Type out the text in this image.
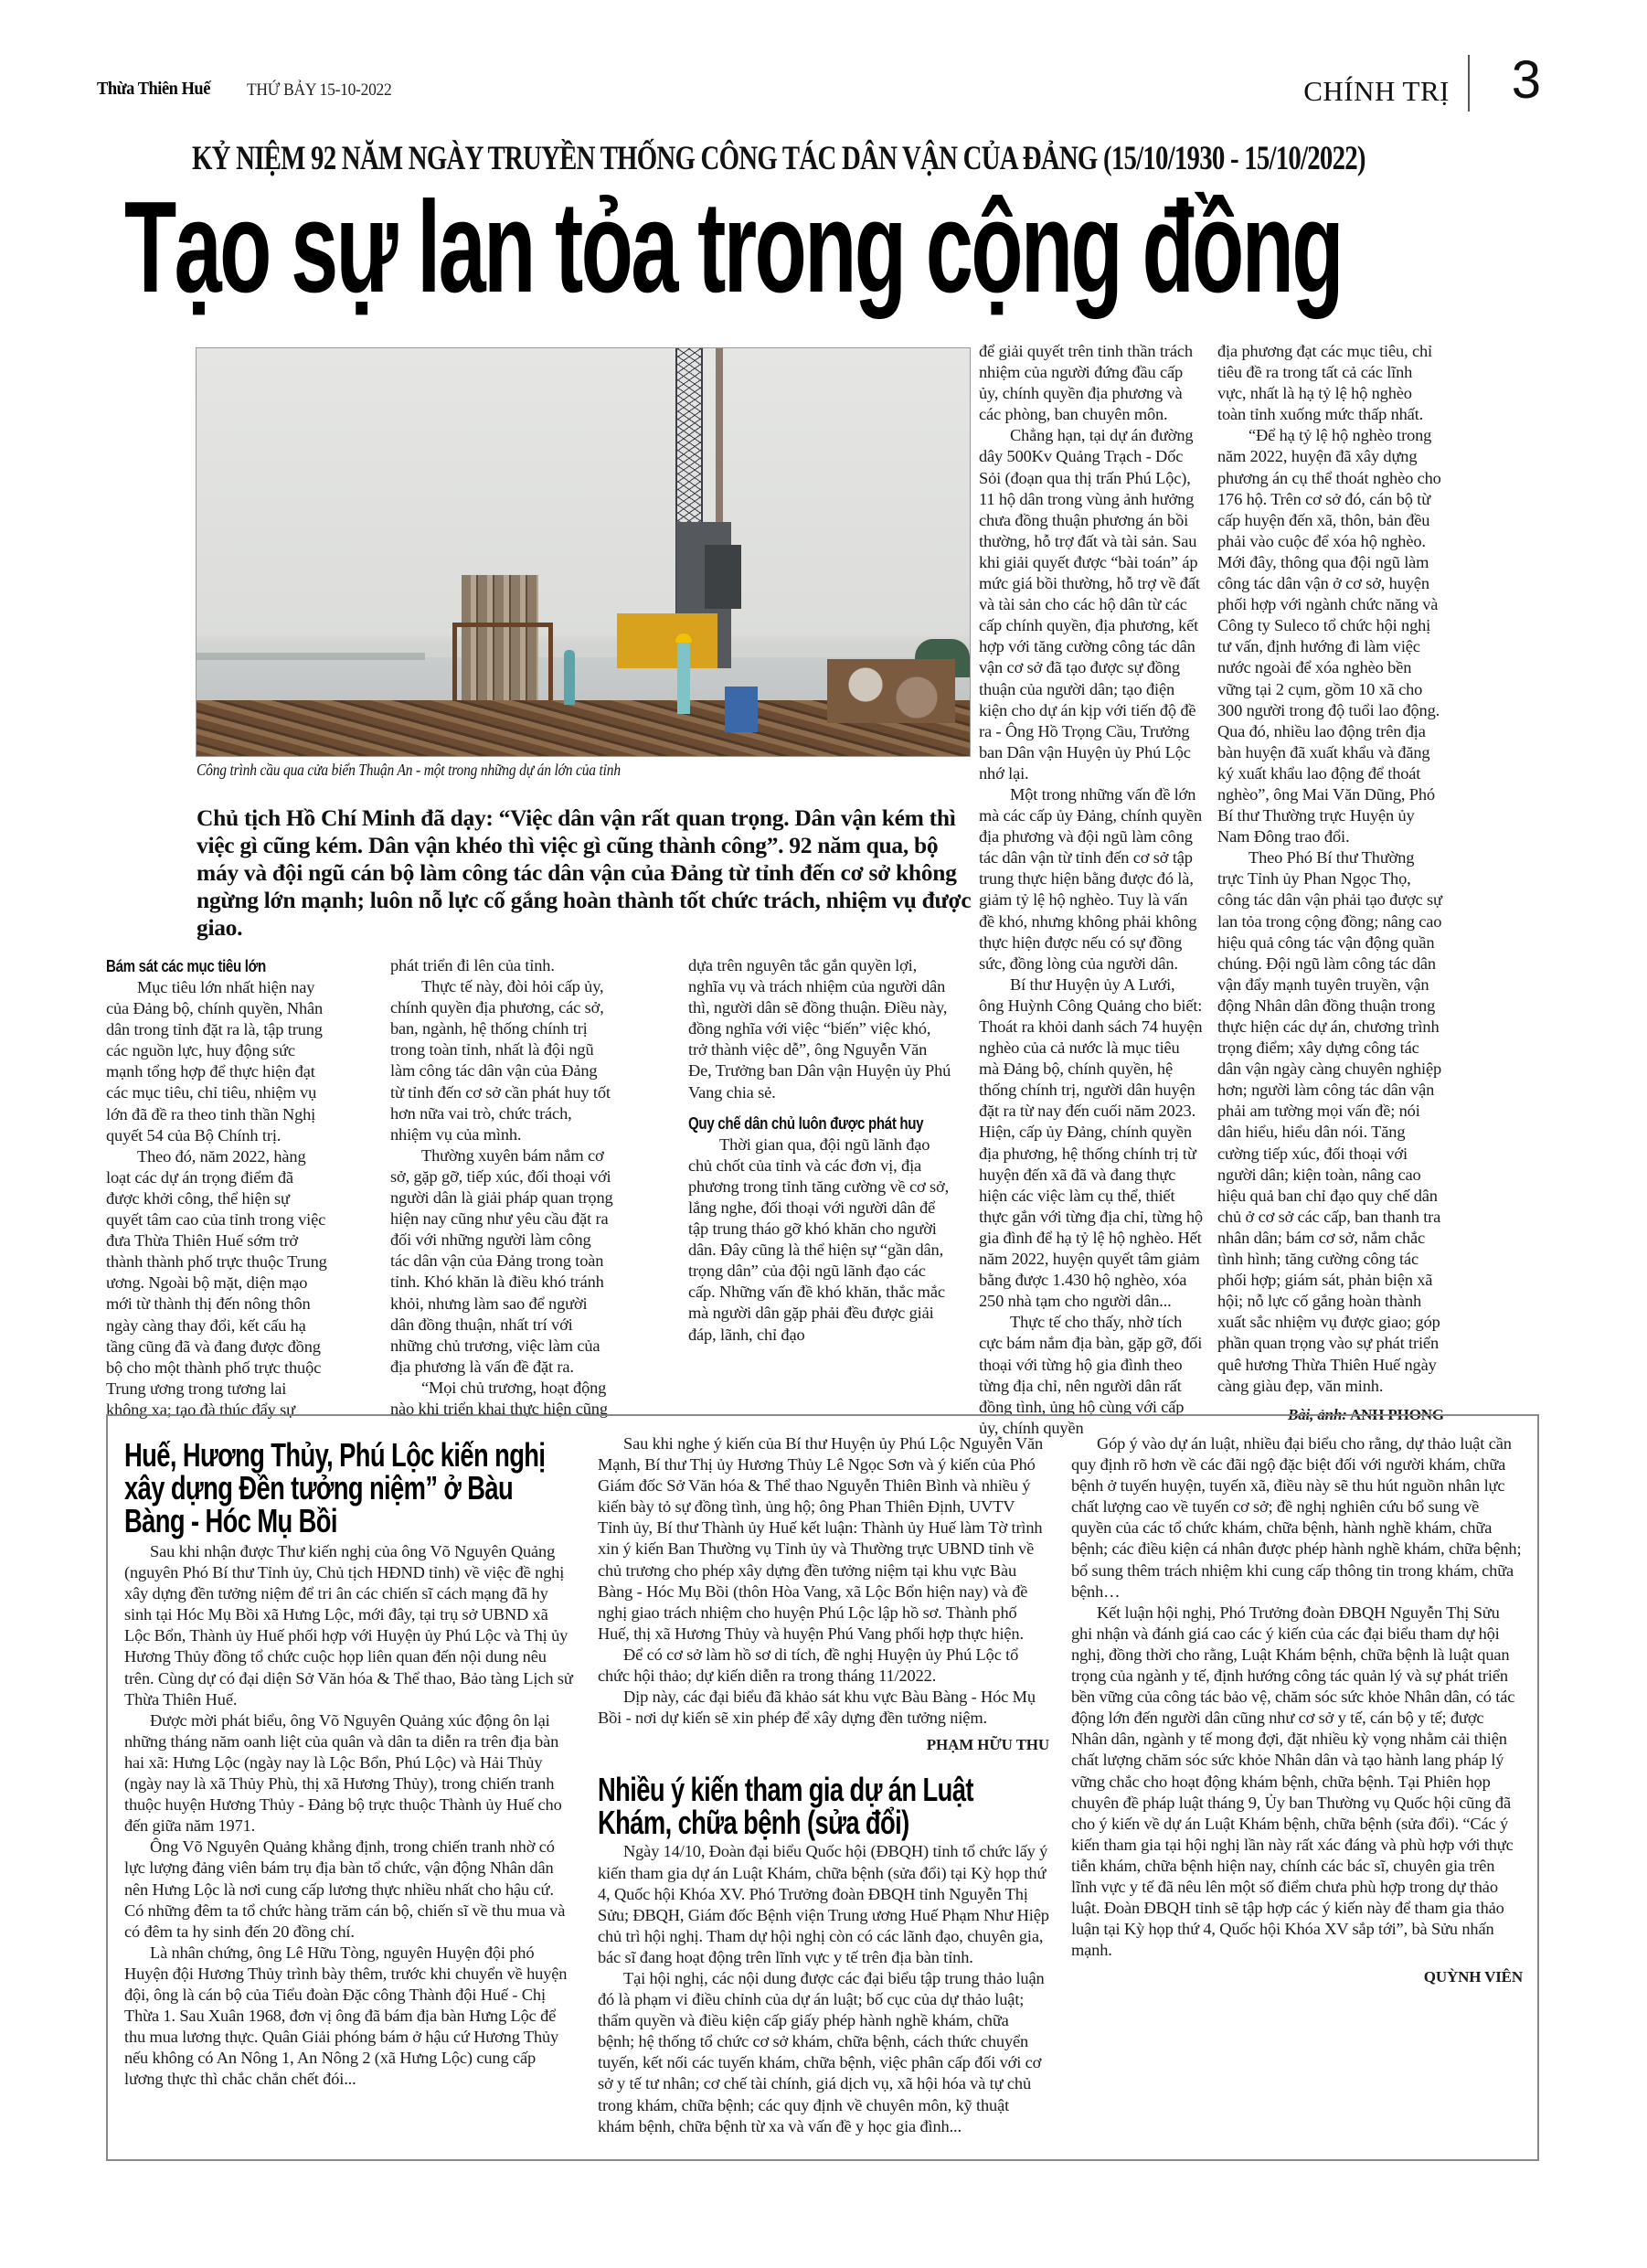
Thừa Thiên Huế THỨ BẢY 15-10-2022	CHÍNH TRỊ 3
KỶ NIỆM 92 NĂM NGÀY TRUYỀN THỐNG CÔNG TÁC DÂN VẬN CỦA ĐẢNG (15/10/1930 - 15/10/2022)
Tạo sự lan tỏa trong cộng đồng
Công trình cầu qua cửa biển Thuận An - một trong những dự án lớn của tỉnh

Chủ tịch Hồ Chí Minh đã dạy: “Việc dân vận rất quan trọng. Dân vận kém thì việc gì cũng kém. Dân vận khéo thì việc gì cũng thành công”. 92 năm qua, bộ máy và đội ngũ cán bộ làm công tác dân vận của Đảng từ tỉnh đến cơ sở không ngừng lớn mạnh; luôn nỗ lực cố gắng hoàn thành tốt chức trách, nhiệm vụ được giao.

Bám sát các mục tiêu lớn

Mục tiêu lớn nhất hiện nay của Đảng bộ, chính quyền, Nhân dân trong tỉnh đặt ra là, tập trung các nguồn lực, huy động sức mạnh tổng hợp để thực hiện đạt các mục tiêu, chỉ tiêu, nhiệm vụ lớn đã đề ra theo tinh thần Nghị quyết 54 của Bộ Chính trị.

Theo đó, năm 2022, hàng loạt các dự án trọng điểm đã được khởi công, thể hiện sự quyết tâm cao của tỉnh trong việc đưa Thừa Thiên Huế sớm trở thành thành phố trực thuộc Trung ương. Ngoài bộ mặt, diện mạo mới từ thành thị đến nông thôn ngày càng thay đổi, kết cấu hạ tầng cũng đã và đang được đồng bộ cho một thành phố trực thuộc Trung ương trong tương lai không xa; tạo đà thúc đẩy sự

phát triển đi lên của tỉnh.

Thực tế này, đòi hỏi cấp ủy, chính quyền địa phương, các sở, ban, ngành, hệ thống chính trị trong toàn tỉnh, nhất là đội ngũ làm công tác dân vận của Đảng từ tỉnh đến cơ sở cần phát huy tốt hơn nữa vai trò, chức trách, nhiệm vụ của mình.

Thường xuyên bám nắm cơ sở, gặp gỡ, tiếp xúc, đối thoại với người dân là giải pháp quan trọng hiện nay cũng như yêu cầu đặt ra đối với những người làm công tác dân vận của Đảng trong toàn tỉnh. Khó khăn là điều khó tránh khỏi, nhưng làm sao để người dân đồng thuận, nhất trí với những chủ trương, việc làm của địa phương là vấn đề đặt ra.

“Mọi chủ trương, hoạt động nào khi triển khai thực hiện cũng

dựa trên nguyên tắc gắn quyền lợi, nghĩa vụ và trách nhiệm của người dân thì, người dân sẽ đồng thuận. Điều này, đồng nghĩa với việc “biến” việc khó, trở thành việc dễ”, ông Nguyễn Văn Đe, Trưởng ban Dân vận Huyện ủy Phú Vang chia sẻ.

Quy chế dân chủ luôn được phát huy

Thời gian qua, đội ngũ lãnh đạo chủ chốt của tỉnh và các đơn vị, địa phương trong tỉnh tăng cường về cơ sở, lắng nghe, đối thoại với người dân để tập trung tháo gỡ khó khăn cho người dân. Đây cũng là thể hiện sự “gần dân, trọng dân” của đội ngũ lãnh đạo các cấp. Những vấn đề khó khăn, thắc mắc mà người dân gặp phải đều được giải đáp, lãnh, chỉ đạo

để giải quyết trên tinh thần trách nhiệm của người đứng đầu cấp ủy, chính quyền địa phương và các phòng, ban chuyên môn.

Chẳng hạn, tại dự án đường dây 500Kv Quảng Trạch - Dốc Sỏi (đoạn qua thị trấn Phú Lộc), 11 hộ dân trong vùng ảnh hưởng chưa đồng thuận phương án bồi thường, hỗ trợ đất và tài sản. Sau khi giải quyết được “bài toán” áp mức giá bồi thường, hỗ trợ về đất và tài sản cho các hộ dân từ các cấp chính quyền, địa phương, kết hợp với tăng cường công tác dân vận cơ sở đã tạo được sự đồng thuận của người dân; tạo điện kiện cho dự án kịp với tiến độ đề ra - Ông Hồ Trọng Cầu, Trưởng ban Dân vận Huyện ủy Phú Lộc nhớ lại.

Một trong những vấn đề lớn mà các cấp ủy Đảng, chính quyền địa phương và đội ngũ làm công tác dân vận từ tỉnh đến cơ sở tập trung thực hiện bằng được đó là, giảm tỷ lệ hộ nghèo. Tuy là vấn đề khó, nhưng không phải không thực hiện được nếu có sự đồng sức, đồng lòng của người dân.

Bí thư Huyện ủy A Lưới, ông Huỳnh Công Quảng cho biết: Thoát ra khỏi danh sách 74 huyện nghèo của cả nước là mục tiêu mà Đảng bộ, chính quyền, hệ thống chính trị, người dân huyện đặt ra từ nay đến cuối năm 2023. Hiện, cấp ủy Đảng, chính quyền địa phương, hệ thống chính trị từ huyện đến xã đã và đang thực hiện các việc làm cụ thể, thiết thực gắn với từng địa chỉ, từng hộ gia đình để hạ tỷ lệ hộ nghèo. Hết năm 2022, huyện quyết tâm giảm bằng được 1.430 hộ nghèo, xóa 250 nhà tạm cho người dân...

Thực tế cho thấy, nhờ tích cực bám nắm địa bàn, gặp gỡ, đối thoại với từng hộ gia đình theo từng địa chỉ, nên người dân rất đồng tình, ủng hộ cùng với cấp ủy, chính quyền

địa phương đạt các mục tiêu, chỉ tiêu đề ra trong tất cả các lĩnh vực, nhất là hạ tỷ lệ hộ nghèo toàn tỉnh xuống mức thấp nhất.

“Để hạ tỷ lệ hộ nghèo trong năm 2022, huyện đã xây dựng phương án cụ thể thoát nghèo cho 176 hộ. Trên cơ sở đó, cán bộ từ cấp huyện đến xã, thôn, bản đều phải vào cuộc để xóa hộ nghèo. Mới đây, thông qua đội ngũ làm công tác dân vận ở cơ sở, huyện phối hợp với ngành chức năng và Công ty Suleco tổ chức hội nghị tư vấn, định hướng đi làm việc nước ngoài để xóa nghèo bền vững tại 2 cụm, gồm 10 xã cho 300 người trong độ tuổi lao động. Qua đó, nhiều lao động trên địa bàn huyện đã xuất khẩu và đăng ký xuất khẩu lao động để thoát nghèo”, ông Mai Văn Dũng, Phó Bí thư Thường trực Huyện ủy Nam Đông trao đổi.

Theo Phó Bí thư Thường trực Tỉnh ủy Phan Ngọc Thọ, công tác dân vận phải tạo được sự lan tỏa trong cộng đồng; nâng cao hiệu quả công tác vận động quần chúng. Đội ngũ làm công tác dân vận đẩy mạnh tuyên truyền, vận động Nhân dân đồng thuận trong thực hiện các dự án, chương trình trọng điểm; xây dựng công tác dân vận ngày càng chuyên nghiệp hơn; người làm công tác dân vận phải am tường mọi vấn đề; nói dân hiểu, hiểu dân nói. Tăng cường tiếp xúc, đối thoại với người dân; kiện toàn, nâng cao hiệu quả ban chỉ đạo quy chế dân chủ ở cơ sở các cấp, ban thanh tra nhân dân; bám cơ sở, nắm chắc tình hình; tăng cường công tác phối hợp; giám sát, phản biện xã hội; nỗ lực cố gắng hoàn thành xuất sắc nhiệm vụ được giao; góp phần quan trọng vào sự phát triển quê hương Thừa Thiên Huế ngày càng giàu đẹp, văn minh.

Bài, ảnh: ANH PHONG

Huế, Hương Thủy, Phú Lộc kiến nghị xây dựng Đền tưởng niệm” ở Bàu Bàng - Hóc Mụ Bồi

Sau khi nhận được Thư kiến nghị của ông Võ Nguyên Quảng (nguyên Phó Bí thư Tỉnh ủy, Chủ tịch HĐND tỉnh) về việc đề nghị xây dựng đền tưởng niệm để tri ân các chiến sĩ cách mạng đã hy sinh tại Hóc Mụ Bồi xã Hưng Lộc, mới đây, tại trụ sở UBND xã Lộc Bổn, Thành ủy Huế phối hợp với Huyện ủy Phú Lộc và Thị ủy Hương Thủy đồng tổ chức cuộc họp liên quan đến nội dung nêu trên. Cùng dự có đại diện Sở Văn hóa & Thể thao, Bảo tàng Lịch sử Thừa Thiên Huế.

Được mời phát biểu, ông Võ Nguyên Quảng xúc động ôn lại những tháng năm oanh liệt của quân và dân ta diễn ra trên địa bàn hai xã: Hưng Lộc (ngày nay là Lộc Bổn, Phú Lộc) và Hải Thủy (ngày nay là xã Thủy Phù, thị xã Hương Thủy), trong chiến tranh thuộc huyện Hương Thủy - Đảng bộ trực thuộc Thành ủy Huế cho đến giữa năm 1971.

Ông Võ Nguyên Quảng khẳng định, trong chiến tranh nhờ có lực lượng đảng viên bám trụ địa bàn tổ chức, vận động Nhân dân nên Hưng Lộc là nơi cung cấp lương thực nhiều nhất cho hậu cứ. Có những đêm ta tổ chức hàng trăm cán bộ, chiến sĩ về thu mua và có đêm ta hy sinh đến 20 đồng chí.

Là nhân chứng, ông Lê Hữu Tòng, nguyên Huyện đội phó Huyện đội Hương Thủy trình bày thêm, trước khi chuyển về huyện đội, ông là cán bộ của Tiểu đoàn Đặc công Thành đội Huế - Chị Thừa 1. Sau Xuân 1968, đơn vị ông đã bám địa bàn Hưng Lộc để thu mua lương thực. Quân Giải phóng bám ở hậu cứ Hương Thủy nếu không có An Nông 1, An Nông 2 (xã Hưng Lộc) cung cấp lương thực thì chắc chắn chết đói...

Sau khi nghe ý kiến của Bí thư Huyện ủy Phú Lộc Nguyễn Văn Mạnh, Bí thư Thị ủy Hương Thủy Lê Ngọc Sơn và ý kiến của Phó Giám đốc Sở Văn hóa & Thể thao Nguyễn Thiên Bình và nhiều ý kiến bày tỏ sự đồng tình, ủng hộ; ông Phan Thiên Định, UVTV Tỉnh ủy, Bí thư Thành ủy Huế kết luận: Thành ủy Huế làm Tờ trình xin ý kiến Ban Thường vụ Tỉnh ủy và Thường trực UBND tỉnh về chủ trương cho phép xây dựng đền tưởng niệm tại khu vực Bàu Bàng - Hóc Mụ Bồi (thôn Hòa Vang, xã Lộc Bổn hiện nay) và đề nghị giao trách nhiệm cho huyện Phú Lộc lập hồ sơ. Thành phố Huế, thị xã Hương Thủy và huyện Phú Vang phối hợp thực hiện.

Để có cơ sở làm hồ sơ di tích, đề nghị Huyện ủy Phú Lộc tổ chức hội thảo; dự kiến diễn ra trong tháng 11/2022.

Dịp này, các đại biểu đã khảo sát khu vực Bàu Bàng - Hóc Mụ Bồi - nơi dự kiến sẽ xin phép để xây dựng đền tưởng niệm.

PHẠM HỮU THU

Nhiều ý kiến tham gia dự án Luật Khám, chữa bệnh (sửa đổi)

Ngày 14/10, Đoàn đại biểu Quốc hội (ĐBQH) tỉnh tổ chức lấy ý kiến tham gia dự án Luật Khám, chữa bệnh (sửa đổi) tại Kỳ họp thứ 4, Quốc hội Khóa XV. Phó Trưởng đoàn ĐBQH tỉnh Nguyễn Thị Sửu; ĐBQH, Giám đốc Bệnh viện Trung ương Huế Phạm Như Hiệp chủ trì hội nghị. Tham dự hội nghị còn có các lãnh đạo, chuyên gia, bác sĩ đang hoạt động trên lĩnh vực y tế trên địa bàn tỉnh.

Tại hội nghị, các nội dung được các đại biểu tập trung thảo luận đó là phạm vi điều chỉnh của dự án luật; bố cục của dự thảo luật; thẩm quyền và điều kiện cấp giấy phép hành nghề khám, chữa bệnh; hệ thống tổ chức cơ sở khám, chữa bệnh, cách thức chuyển tuyến, kết nối các tuyến khám, chữa bệnh, việc phân cấp đối với cơ sở y tế tư nhân; cơ chế tài chính, giá dịch vụ, xã hội hóa và tự chủ trong khám, chữa bệnh; các quy định về chuyên môn, kỹ thuật khám bệnh, chữa bệnh từ xa và vấn đề y học gia đình...

Góp ý vào dự án luật, nhiều đại biểu cho rằng, dự thảo luật cần quy định rõ hơn về các đãi ngộ đặc biệt đối với người khám, chữa bệnh ở tuyến huyện, tuyến xã, điều này sẽ thu hút nguồn nhân lực chất lượng cao về tuyến cơ sở; đề nghị nghiên cứu bổ sung về quyền của các tổ chức khám, chữa bệnh, hành nghề khám, chữa bệnh; các điều kiện cá nhân được phép hành nghề khám, chữa bệnh; bổ sung thêm trách nhiệm khi cung cấp thông tin trong khám, chữa bệnh…

Kết luận hội nghị, Phó Trưởng đoàn ĐBQH Nguyễn Thị Sửu ghi nhận và đánh giá cao các ý kiến của các đại biểu tham dự hội nghị, đồng thời cho rằng, Luật Khám bệnh, chữa bệnh là luật quan trọng của ngành y tế, định hướng công tác quản lý và sự phát triển bền vững của công tác bảo vệ, chăm sóc sức khỏe Nhân dân, có tác động lớn đến người dân cũng như cơ sở y tế, cán bộ y tế; được Nhân dân, ngành y tế mong đợi, đặt nhiều kỳ vọng nhằm cải thiện chất lượng chăm sóc sức khỏe Nhân dân và tạo hành lang pháp lý vững chắc cho hoạt động khám bệnh, chữa bệnh. Tại Phiên họp chuyên đề pháp luật tháng 9, Ủy ban Thường vụ Quốc hội cũng đã cho ý kiến về dự án Luật Khám bệnh, chữa bệnh (sửa đổi). “Các ý kiến tham gia tại hội nghị lần này rất xác đáng và phù hợp với thực tiễn khám, chữa bệnh hiện nay, chính các bác sĩ, chuyên gia trên lĩnh vực y tế đã nêu lên một số điểm chưa phù hợp trong dự thảo luật. Đoàn ĐBQH tỉnh sẽ tập hợp các ý kiến này để tham gia thảo luận tại Kỳ họp thứ 4, Quốc hội Khóa XV sắp tới”, bà Sửu nhấn mạnh.

QUỲNH VIÊN
